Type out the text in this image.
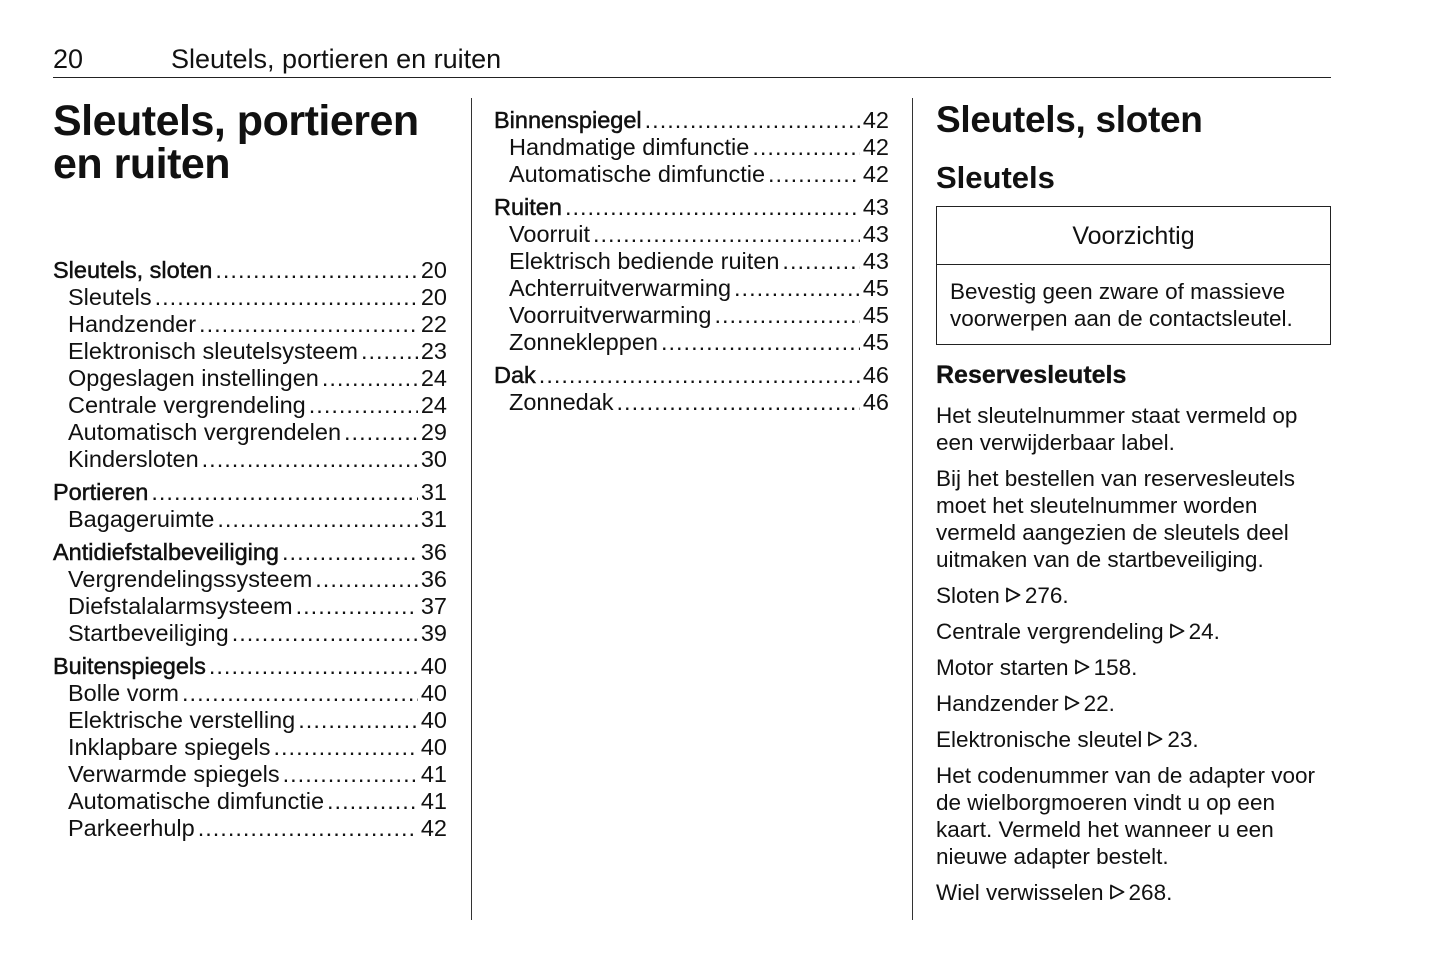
20	Sleutels, portieren en ruiten
Sleutels, portieren
en ruiten
Sleutels, sloten .....	20
Sleutels .....	20
Handzender .....	22
Elektronisch sleutelsysteem .....	23
Opgeslagen instellingen .....	24
Centrale vergrendeling .....	24
Automatisch vergrendelen .....	29
Kindersloten .....	30
Portieren .....	31
Bagageruimte .....	31
Antidiefstalbeveiliging .....	36
Vergrendelingssysteem .....	36
Diefstalalarmsysteem .....	37
Startbeveiliging .....	39
Buitenspiegels .....	40
Bolle vorm .....	40
Elektrische verstelling .....	40
Inklapbare spiegels .....	40
Verwarmde spiegels .....	41
Automatische dimfunctie .....	41
Parkeerhulp .....	42
Binnenspiegel .....	42
Handmatige dimfunctie .....	42
Automatische dimfunctie .....	42
Ruiten .....	43
Voorruit .....	43
Elektrisch bediende ruiten .....	43
Achterruitverwarming .....	45
Voorruitverwarming .....	45
Zonnekleppen .....	45
Dak .....	46
Zonnedak .....	46
Sleutels, sloten
Sleutels
Voorzichtig
Bevestig geen zware of massieve voorwerpen aan de contactsleutel.
Reservesleutels

Het sleutelnummer staat vermeld op een verwijderbaar label.

Bij het bestellen van reservesleutels moet het sleutelnummer worden vermeld aangezien de sleutels deel uitmaken van de startbeveiliging.

Sloten 276.

Centrale vergrendeling 24.

Motor starten 158.

Handzender 22.

Elektronische sleutel 23.

Het codenummer van de adapter voor de wielborgmoeren vindt u op een kaart. Vermeld het wanneer u een nieuwe adapter bestelt.

Wiel verwisselen 268.
